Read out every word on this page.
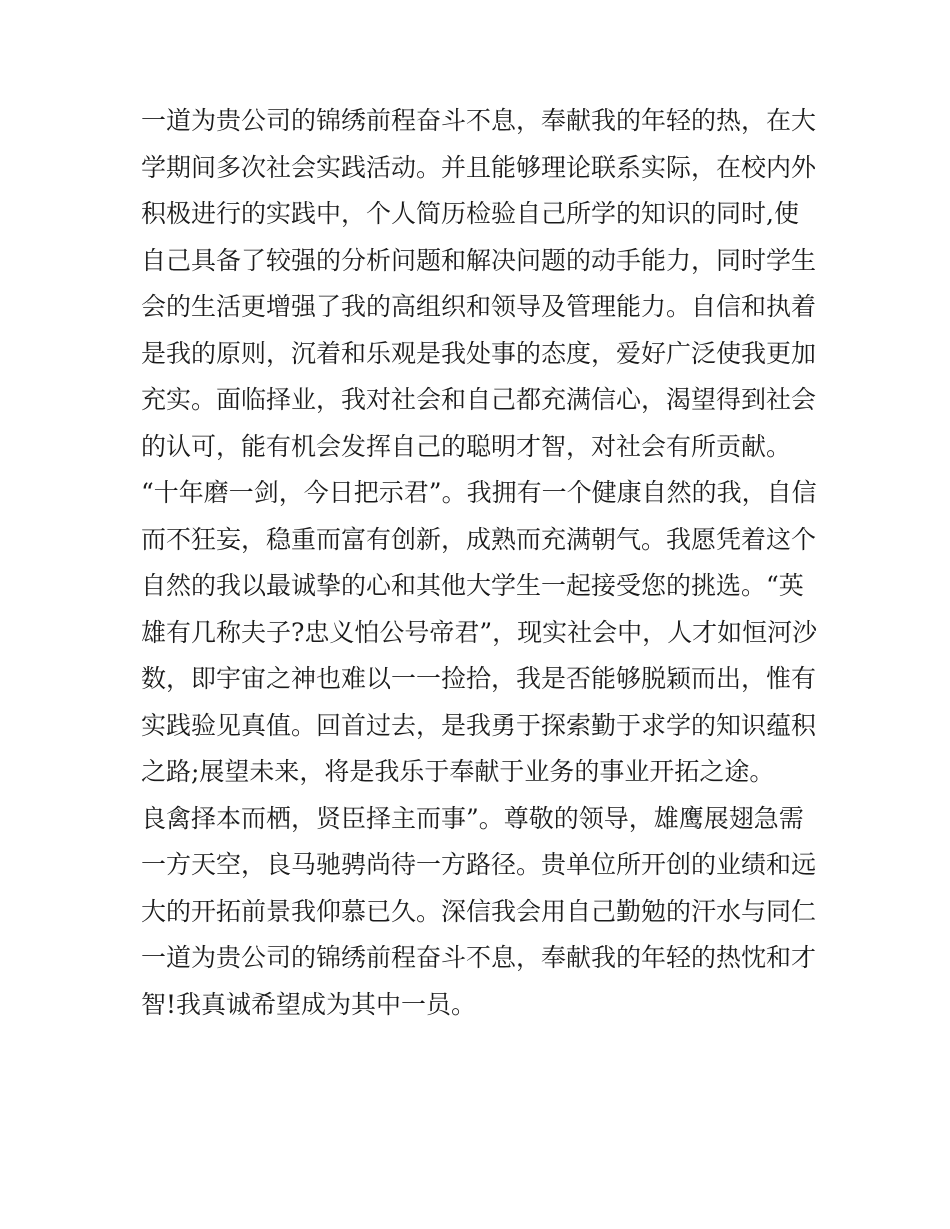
一道为贵公司的锦绣前程奋斗不息，奉献我的年轻的热，在大
学期间多次社会实践活动。并且能够理论联系实际，在校内外
积极进行的实践中，个人简历检验自己所学的知识的同时,使
自己具备了较强的分析问题和解决问题的动手能力，同时学生
会的生活更增强了我的高组织和领导及管理能力。自信和执着
是我的原则，沉着和乐观是我处事的态度，爱好广泛使我更加
充实。面临择业，我对社会和自己都充满信心，渴望得到社会
的认可，能有机会发挥自己的聪明才智，对社会有所贡献。
“十年磨一剑，今日把示君”。我拥有一个健康自然的我，自信
而不狂妄，稳重而富有创新，成熟而充满朝气。我愿凭着这个
自然的我以最诚挚的心和其他大学生一起接受您的挑选。“英
雄有几称夫子?忠义怕公号帝君”，现实社会中，人才如恒河沙
数，即宇宙之神也难以一一捡拾，我是否能够脱颖而出，惟有
实践验见真值。回首过去，是我勇于探索勤于求学的知识蕴积
之路;展望未来，将是我乐于奉献于业务的事业开拓之途。
良禽择本而栖，贤臣择主而事”。尊敬的领导，雄鹰展翅急需
一方天空，良马驰骋尚待一方路径。贵单位所开创的业绩和远
大的开拓前景我仰慕已久。深信我会用自己勤勉的汗水与同仁
一道为贵公司的锦绣前程奋斗不息，奉献我的年轻的热忱和才
智!我真诚希望成为其中一员。
